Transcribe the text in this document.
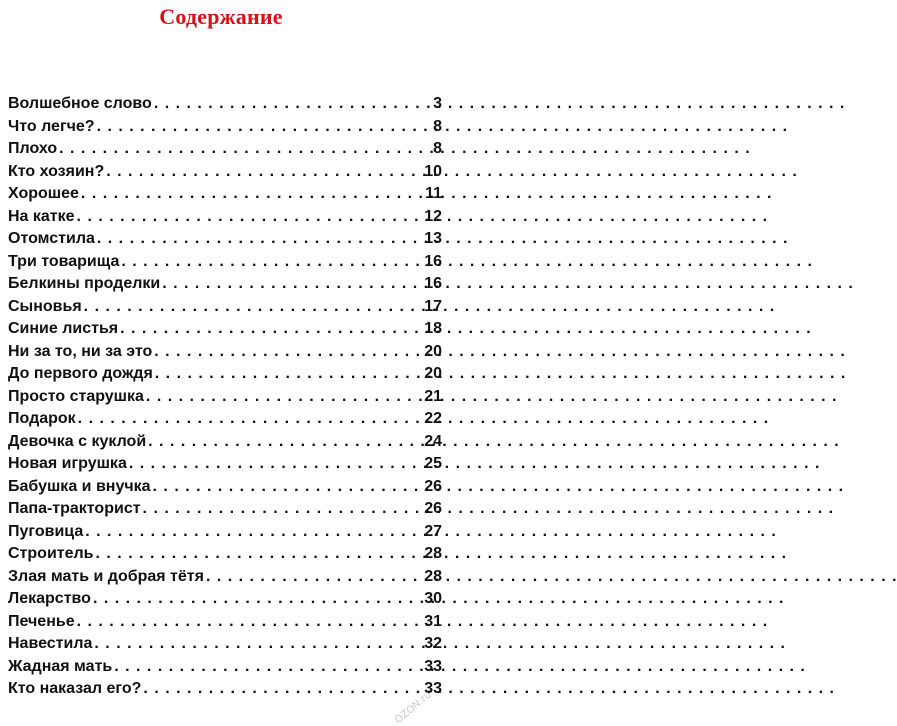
Содержание
Волшебное слово . . .	3
Что легче? . . .	8
Плохо . . .	8
Кто хозяин? . . .	10
Хорошее . . .	11
На катке . . .	12
Отомстила . . .	13
Три товарища . . .	16
Белкины проделки . . .	16
Сыновья . . .	17
Синие листья . . .	18
Ни за то, ни за это . . .	20
До первого дождя . . .	20
Просто старушка . . .	21
Подарок . . .	22
Девочка с куклой . . .	24
Новая игрушка . . .	25
Бабушка и внучка . . .	26
Папа-тракторист . . .	26
Пуговица . . .	27
Строитель . . .	28
Злая мать и добрая тётя . . .	28
Лекарство . . .	30
Печенье . . .	31
Навестила . . .	32
Жадная мать . . .	33
Кто наказал его? . . .	33
OZON.ru
